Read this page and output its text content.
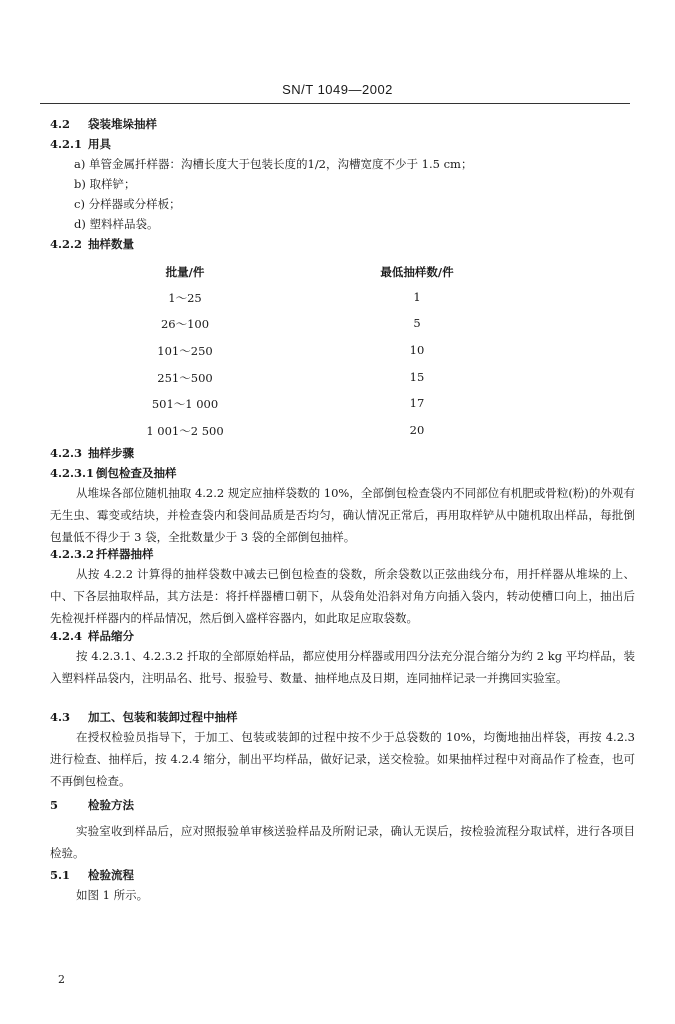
SN/T 1049—2002
4.2 袋装堆垛抽样
4.2.1 用具
a) 单管金属扦样器：沟槽长度大于包装长度的1/2，沟槽宽度不少于 1.5 cm；
b) 取样铲；
c) 分样器或分样板；
d) 塑料样品袋。
4.2.2 抽样数量
批量/件	最低抽样数/件
1～25	1
26～100	5
101～250	10
251～500	15
501～1 000	17
1 001～2 500	20
4.2.3 抽样步骤
4.2.3.1 倒包检查及抽样
从堆垛各部位随机抽取 4.2.2 规定应抽样袋数的 10%，全部倒包检查袋内不同部位有机肥或骨粒(粉)的外观有无生虫、霉变或结块，并检查袋内和袋间品质是否均匀，确认情况正常后，再用取样铲从中随机取出样品，每批倒包量低不得少于 3 袋，全批数量少于 3 袋的全部倒包抽样。
4.2.3.2 扦样器抽样
从按 4.2.2 计算得的抽样袋数中减去已倒包检查的袋数，所余袋数以正弦曲线分布，用扦样器从堆垛的上、中、下各层抽取样品，其方法是：将扦样器槽口朝下，从袋角处沿斜对角方向插入袋内，转动使槽口向上，抽出后先检视扦样器内的样品情况，然后倒入盛样容器内，如此取足应取袋数。
4.2.4 样品缩分
按 4.2.3.1、4.2.3.2 扦取的全部原始样品，都应使用分样器或用四分法充分混合缩分为约 2 kg 平均样品，装入塑料样品袋内，注明品名、批号、报验号、数量、抽样地点及日期，连同抽样记录一并携回实验室。
4.3 加工、包装和装卸过程中抽样
在授权检验员指导下，于加工、包装或装卸的过程中按不少于总袋数的 10%，均衡地抽出样袋，再按 4.2.3 进行检查、抽样后，按 4.2.4 缩分，制出平均样品，做好记录，送交检验。如果抽样过程中对商品作了检查，也可不再倒包检查。
5	检验方法
实验室收到样品后，应对照报验单审核送验样品及所附记录，确认无误后，按检验流程分取试样，进行各项目检验。
5.1 检验流程
如图 1 所示。
2
